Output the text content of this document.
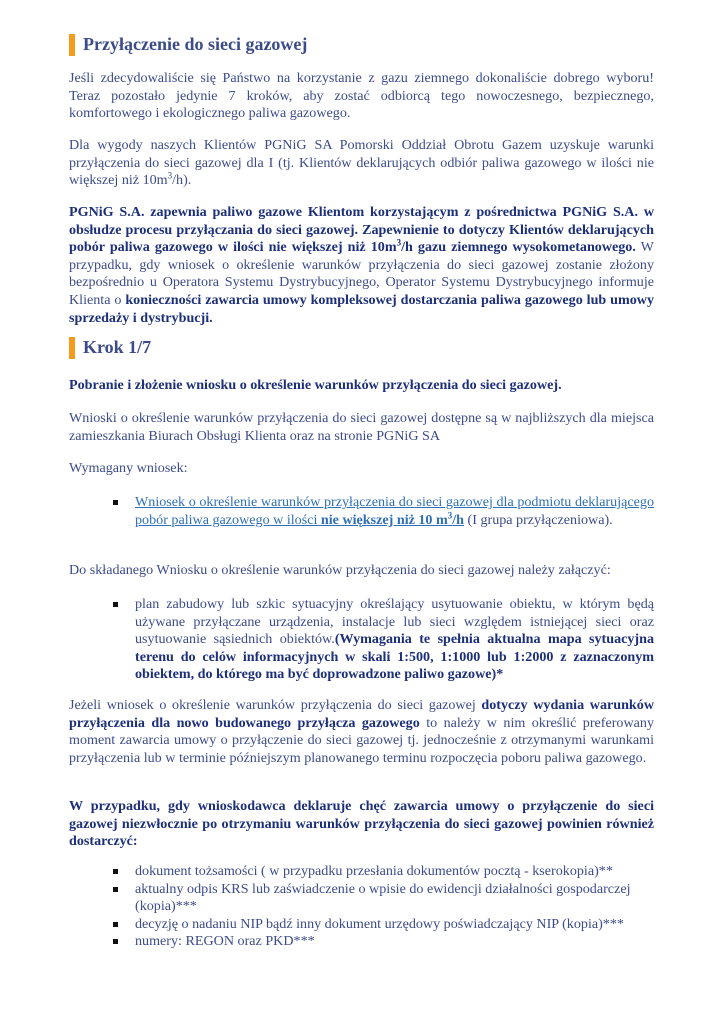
Przyłączenie do sieci gazowej
Jeśli zdecydowaliście się Państwo na korzystanie z gazu ziemnego dokonaliście dobrego wyboru! Teraz pozostało jedynie 7 kroków, aby zostać odbiorcą tego nowoczesnego, bezpiecznego, komfortowego i ekologicznego paliwa gazowego.
Dla wygody naszych Klientów PGNiG SA Pomorski Oddział Obrotu Gazem uzyskuje warunki przyłączenia do sieci gazowej dla I (tj. Klientów deklarujących odbiór paliwa gazowego w ilości nie większej niż $10m^3/h$).
PGNiG S.A. zapewnia paliwo gazowe Klientom korzystającym z pośrednictwa PGNiG S.A. w obsłudze procesu przyłączania do sieci gazowej. Zapewnienie to dotyczy Klientów deklarujących pobór paliwa gazowego w ilości nie większej niż $10m^3/h$ gazu ziemnego wysokometanowego. W przypadku, gdy wniosek o określenie warunków przyłączenia do sieci gazowej zostanie złożony bezpośrednio u Operatora Systemu Dystrybucyjnego, Operator Systemu Dystrybucyjnego informuje Klienta o konieczności zawarcia umowy kompleksowej dostarczania paliwa gazowego lub umowy sprzedaży i dystrybucji.
Krok 1/7
Pobranie i złożenie wniosku o określenie warunków przyłączenia do sieci gazowej.
Wnioski o określenie warunków przyłączenia do sieci gazowej dostępne są w najbliższych dla miejsca zamieszkania Biurach Obsługi Klienta oraz na stronie PGNiG SA
Wymagany wniosek:
Wniosek o określenie warunków przyłączenia do sieci gazowej dla podmiotu deklarującego pobór paliwa gazowego w ilości nie większej niż 10 $m^3/h$ (I grupa przyłączeniowa).
Do składanego Wniosku o określenie warunków przyłączenia do sieci gazowej należy załączyć:
plan zabudowy lub szkic sytuacyjny określający usytuowanie obiektu, w którym będą używane przyłączane urządzenia, instalacje lub sieci względem istniejącej sieci oraz usytuowanie sąsiednich obiektów.(Wymagania te spełnia aktualna mapa sytuacyjna terenu do celów informacyjnych w skali 1:500, 1:1000 lub 1:2000 z zaznaczonym obiektem, do którego ma być doprowadzone paliwo gazowe)*
Jeżeli wniosek o określenie warunków przyłączenia do sieci gazowej dotyczy wydania warunków przyłączenia dla nowo budowanego przyłącza gazowego to należy w nim określić preferowany moment zawarcia umowy o przyłączenie do sieci gazowej tj. jednocześnie z otrzymanymi warunkami przyłączenia lub w terminie późniejszym planowanego terminu rozpoczęcia poboru paliwa gazowego.
W przypadku, gdy wnioskodawca deklaruje chęć zawarcia umowy o przyłączenie do sieci gazowej niezwłocznie po otrzymaniu warunków przyłączenia do sieci gazowej powinien również dostarczyć:
dokument tożsamości ( w przypadku przesłania dokumentów pocztą - kserokopia)**
aktualny odpis KRS lub zaświadczenie o wpisie do ewidencji działalności gospodarczej (kopia)***
decyzję o nadaniu NIP bądź inny dokument urzędowy poświadczający NIP (kopia)***
numery: REGON oraz PKD***
